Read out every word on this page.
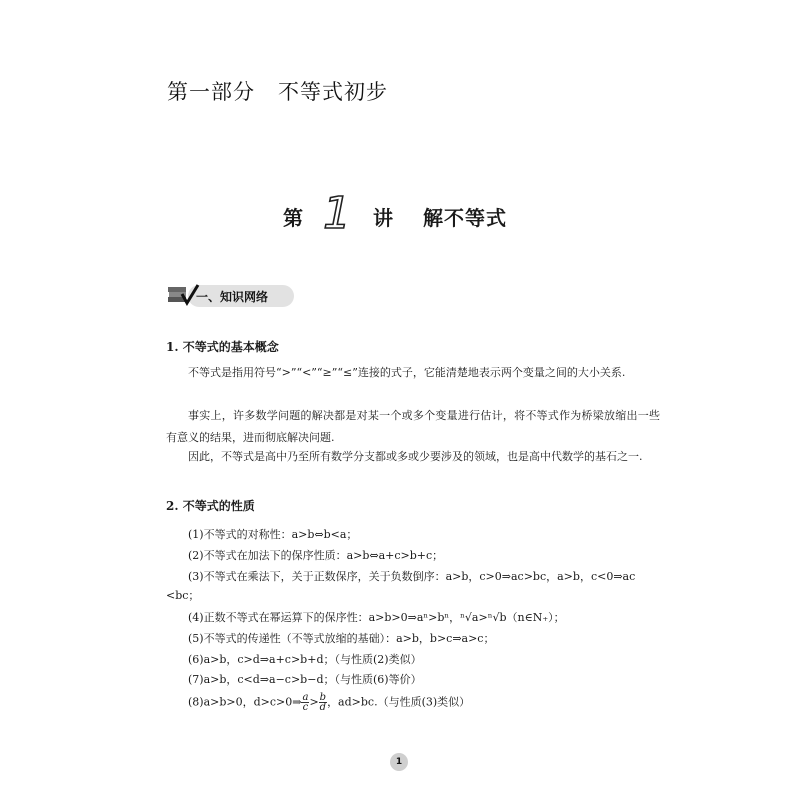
第一部分   不等式初步
第 1 讲 解不等式
一、知识网络
1. 不等式的基本概念
不等式是指用符号“>”“<”“≥”“≤”连接的式子，它能清楚地表示两个变量之间的大小关系.
事实上，许多数学问题的解决都是对某一个或多个变量进行估计，将不等式作为桥梁放缩出一些有意义的结果，进而彻底解决问题.
因此，不等式是高中乃至所有数学分支都或多或少要涉及的领域，也是高中代数学的基石之一.
2. 不等式的性质
(1)不等式的对称性：a>b⇔b<a；
(2)不等式在加法下的保序性质：a>b⇔a+c>b+c；
(3)不等式在乘法下，关于正数保序，关于负数倒序：a>b，c>0⇒ac>bc，a>b，c<0⇒ac
<bc；
(4)正数不等式在幂运算下的保序性：a>b>0⇒aⁿ>bⁿ，ⁿ√a>ⁿ√b（n∈N₊）；
(5)不等式的传递性（不等式放缩的基础）：a>b，b>c⇒a>c；
(6)a>b，c>d⇒a+c>b+d；（与性质(2)类似）
(7)a>b，c<d⇒a−c>b−d；（与性质(6)等价）
(8)a>b>0，d>c>0⇒ $\frac{a}{c} > \frac{b}{d}$ ，ad>bc.（与性质(3)类似）
1
